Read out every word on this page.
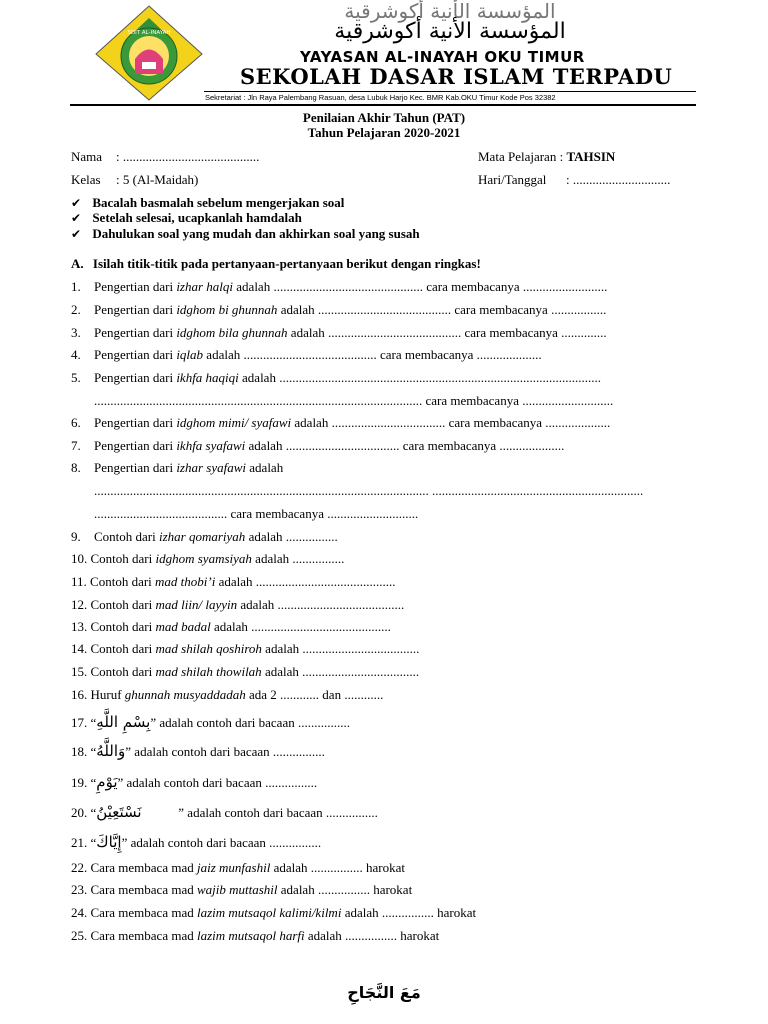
SDIT AL-INAYAH
المؤسسة الأنية أكوشرقية
المؤسسة الأنية أكوشرقية
YAYASAN AL-INAYAH OKU TIMUR
SEKOLAH DASAR ISLAM TERPADU
Sekretariat : Jln Raya Palembang Rasuan, desa Lubuk Harjo Kec. BMR Kab.OKU Timur Kode Pos 32382
Penilaian Akhir Tahun (PAT)
Tahun Pelajaran 2020-2021
Nama : ..........................................
Kelas : 5 (Al-Maidah)
Mata Pelajaran : TAHSIN
Hari/Tanggal : ..............................
✔ Bacalah basmalah sebelum mengerjakan soal
✔ Setelah selesai, ucapkanlah hamdalah
✔ Dahulukan soal yang mudah dan akhirkan soal yang susah
A. Isilah titik-titik pada pertanyaan-pertanyaan berikut dengan ringkas!
1. Pengertian dari izhar halqi adalah .............................................. cara membacanya ..........................
2. Pengertian dari idghom bi ghunnah adalah ......................................... cara membacanya .................
3. Pengertian dari idghom bila ghunnah adalah ......................................... cara membacanya ..............
4. Pengertian dari iqlab adalah ......................................... cara membacanya ....................
5. Pengertian dari ikhfa haqiqi adalah ...................................................................................................
..................................................................................................... cara membacanya ............................
6. Pengertian dari idghom mimi/ syafawi adalah ................................... cara membacanya ....................
7. Pengertian dari ikhfa syafawi adalah ................................... cara membacanya ....................
8. Pengertian dari izhar syafawi adalah
....................................................................................................... .................................................................
......................................... cara membacanya ............................
9. Contoh dari izhar qomariyah adalah ................
10. Contoh dari idghom syamsiyah adalah ................
11. Contoh dari mad thobi’i adalah ...........................................
12. Contoh dari mad liin/ layyin adalah .......................................
13. Contoh dari mad badal adalah ...........................................
14. Contoh dari mad shilah qoshiroh adalah ....................................
15. Contoh dari mad shilah thowilah adalah ....................................
16. Huruf ghunnah musyaddadah ada 2 ............ dan ............
17. “بِسْمِ اللَّهِ” adalah contoh dari bacaan ................
18. “وَاللَّهُ” adalah contoh dari bacaan ................
19. “يَوْمِ” adalah contoh dari bacaan ................
20. “نَسْتَعِيْنُ	” adalah contoh dari bacaan ................
21. “إِيَّاكَ” adalah contoh dari bacaan ................
22. Cara membaca mad jaiz munfashil adalah ................ harokat
23. Cara membaca mad wajib muttashil adalah ................ harokat
24. Cara membaca mad lazim mutsaqol kalimi/kilmi adalah ................ harokat
25. Cara membaca mad lazim mutsaqol harfi adalah ................ harokat
مَعَ النَّجَاحِ
